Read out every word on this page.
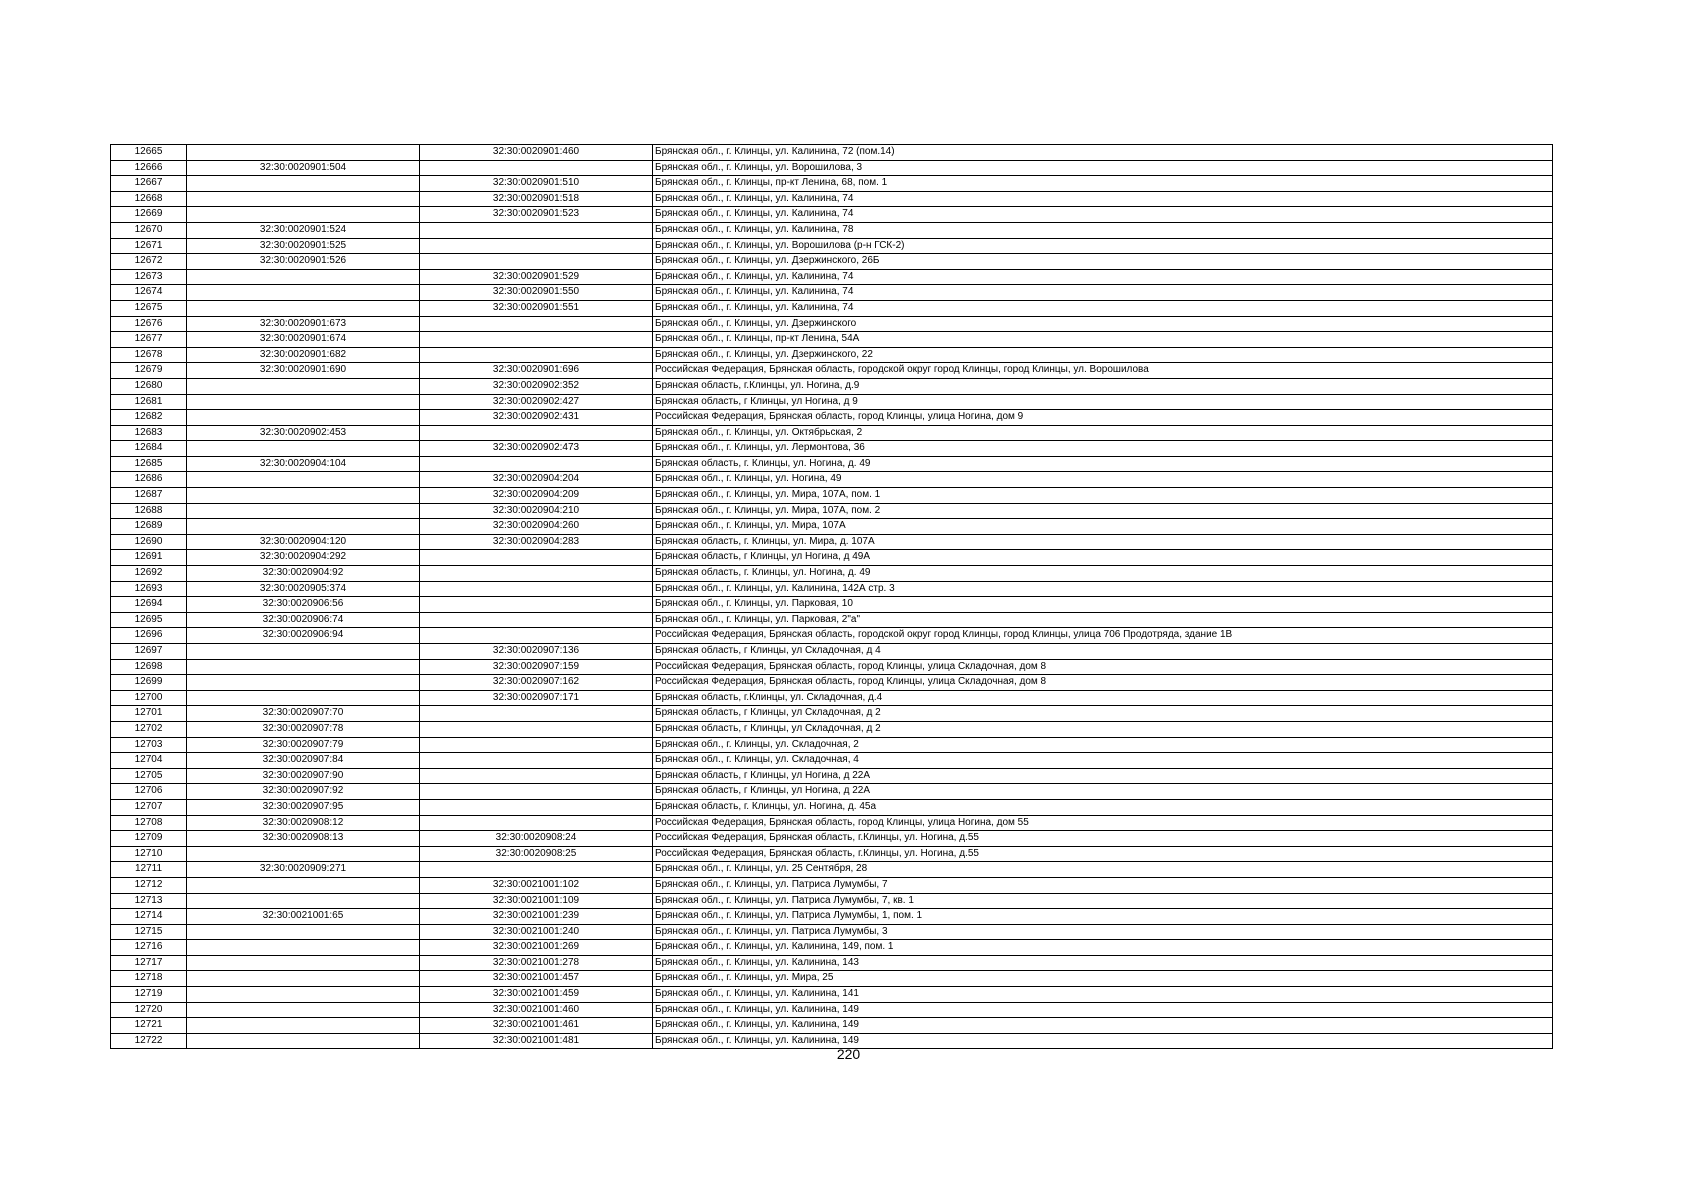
12665		32:30:0020901:460	Брянская обл., г. Клинцы, ул. Калинина, 72 (пом.14)
12666	32:30:0020901:504		Брянская обл., г. Клинцы, ул. Ворошилова, 3
12667		32:30:0020901:510	Брянская обл., г. Клинцы, пр-кт Ленина, 68, пом. 1
12668		32:30:0020901:518	Брянская обл., г. Клинцы, ул. Калинина, 74
12669		32:30:0020901:523	Брянская обл., г. Клинцы, ул. Калинина, 74
12670	32:30:0020901:524		Брянская обл., г. Клинцы, ул. Калинина, 78
12671	32:30:0020901:525		Брянская обл., г. Клинцы, ул. Ворошилова (р-н ГСК-2)
12672	32:30:0020901:526		Брянская обл., г. Клинцы, ул. Дзержинского, 26Б
12673		32:30:0020901:529	Брянская обл., г. Клинцы, ул. Калинина, 74
12674		32:30:0020901:550	Брянская обл., г. Клинцы, ул. Калинина, 74
12675		32:30:0020901:551	Брянская обл., г. Клинцы, ул. Калинина, 74
12676	32:30:0020901:673		Брянская обл., г. Клинцы, ул. Дзержинского
12677	32:30:0020901:674		Брянская обл., г. Клинцы, пр-кт Ленина, 54А
12678	32:30:0020901:682		Брянская обл., г. Клинцы, ул. Дзержинского, 22
12679	32:30:0020901:690	32:30:0020901:696	Российская Федерация, Брянская область, городской округ город Клинцы, город Клинцы, ул. Ворошилова
12680		32:30:0020902:352	Брянская область, г.Клинцы, ул. Ногина, д.9
12681		32:30:0020902:427	Брянская область, г Клинцы, ул Ногина, д 9
12682		32:30:0020902:431	Российская Федерация, Брянская область, город Клинцы, улица Ногина, дом 9
12683	32:30:0020902:453		Брянская обл., г. Клинцы, ул. Октябрьская, 2
12684		32:30:0020902:473	Брянская обл., г. Клинцы, ул. Лермонтова, 36
12685	32:30:0020904:104		Брянская область, г. Клинцы, ул. Ногина, д. 49
12686		32:30:0020904:204	Брянская обл., г. Клинцы, ул. Ногина, 49
12687		32:30:0020904:209	Брянская обл., г. Клинцы, ул. Мира, 107А, пом. 1
12688		32:30:0020904:210	Брянская обл., г. Клинцы, ул. Мира, 107А, пом. 2
12689		32:30:0020904:260	Брянская обл., г. Клинцы, ул. Мира, 107А
12690	32:30:0020904:120	32:30:0020904:283	Брянская область, г. Клинцы, ул. Мира, д. 107А
12691	32:30:0020904:292		Брянская область, г Клинцы, ул Ногина, д 49А
12692	32:30:0020904:92		Брянская область, г. Клинцы, ул. Ногина, д. 49
12693	32:30:0020905:374		Брянская обл., г. Клинцы, ул. Калинина, 142А стр. 3
12694	32:30:0020906:56		Брянская обл., г. Клинцы, ул. Парковая, 10
12695	32:30:0020906:74		Брянская обл., г. Клинцы, ул. Парковая, 2"а"
12696	32:30:0020906:94		Российская Федерация, Брянская область, городской округ город Клинцы, город Клинцы, улица 706 Продотряда, здание 1В
12697		32:30:0020907:136	Брянская область, г Клинцы, ул Складочная, д 4
12698		32:30:0020907:159	Российская Федерация, Брянская область, город Клинцы, улица Складочная, дом 8
12699		32:30:0020907:162	Российская Федерация, Брянская область, город Клинцы, улица Складочная, дом 8
12700		32:30:0020907:171	Брянская область, г.Клинцы, ул. Складочная, д.4
12701	32:30:0020907:70		Брянская область, г Клинцы, ул Складочная, д 2
12702	32:30:0020907:78		Брянская область, г Клинцы, ул Складочная, д 2
12703	32:30:0020907:79		Брянская обл., г. Клинцы, ул. Складочная, 2
12704	32:30:0020907:84		Брянская обл., г. Клинцы, ул. Складочная, 4
12705	32:30:0020907:90		Брянская область, г Клинцы, ул Ногина, д 22А
12706	32:30:0020907:92		Брянская область, г Клинцы, ул Ногина, д 22А
12707	32:30:0020907:95		Брянская область, г. Клинцы, ул. Ногина, д. 45а
12708	32:30:0020908:12		Российская Федерация, Брянская область, город Клинцы, улица Ногина, дом 55
12709	32:30:0020908:13	32:30:0020908:24	Российская Федерация, Брянская область, г.Клинцы, ул. Ногина, д.55
12710		32:30:0020908:25	Российская Федерация, Брянская область, г.Клинцы, ул. Ногина, д.55
12711	32:30:0020909:271		Брянская обл., г. Клинцы, ул. 25 Сентября, 28
12712		32:30:0021001:102	Брянская обл., г. Клинцы, ул. Патриса Лумумбы, 7
12713		32:30:0021001:109	Брянская обл., г. Клинцы, ул. Патриса Лумумбы, 7, кв. 1
12714	32:30:0021001:65	32:30:0021001:239	Брянская обл., г. Клинцы, ул. Патриса Лумумбы, 1, пом. 1
12715		32:30:0021001:240	Брянская обл., г. Клинцы, ул. Патриса Лумумбы, 3
12716		32:30:0021001:269	Брянская обл., г. Клинцы, ул. Калинина, 149, пом. 1
12717		32:30:0021001:278	Брянская обл., г. Клинцы, ул. Калинина, 143
12718		32:30:0021001:457	Брянская обл., г. Клинцы, ул. Мира, 25
12719		32:30:0021001:459	Брянская обл., г. Клинцы, ул. Калинина, 141
12720		32:30:0021001:460	Брянская обл., г. Клинцы, ул. Калинина, 149
12721		32:30:0021001:461	Брянская обл., г. Клинцы, ул. Калинина, 149
12722		32:30:0021001:481	Брянская обл., г. Клинцы, ул. Калинина, 149
220
